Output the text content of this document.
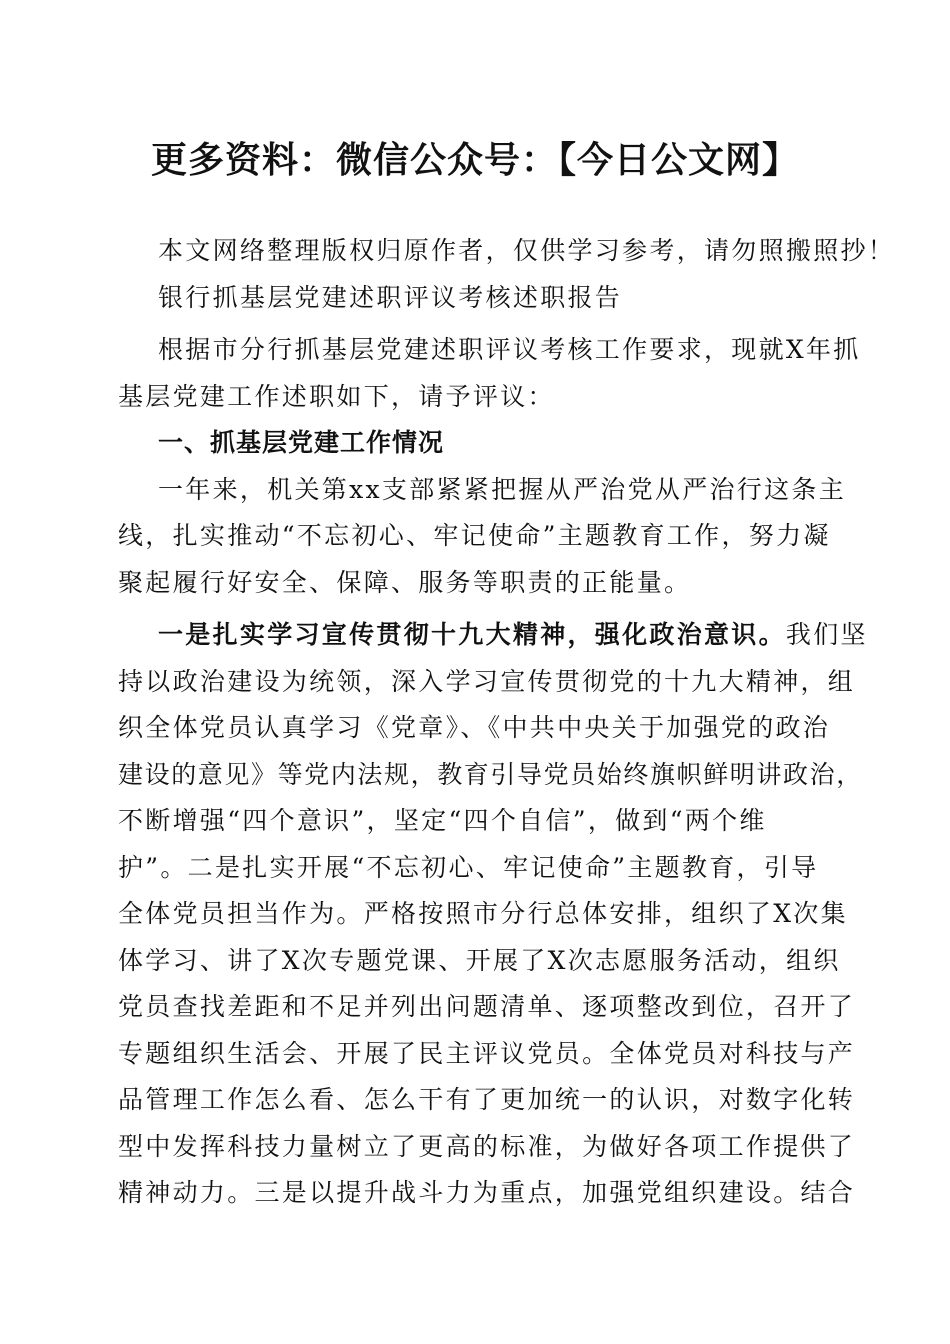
更多资料：微信公众号：【今日公文网】
本文网络整理版权归原作者，仅供学习参考，请勿照搬照抄！
银行抓基层党建述职评议考核述职报告
根据市分行抓基层党建述职评议考核工作要求，现就X年抓
基层党建工作述职如下，请予评议：
一、抓基层党建工作情况
一年来，机关第xx支部紧紧把握从严治党从严治行这条主
线，扎实推动“不忘初心、牢记使命”主题教育工作，努力凝
聚起履行好安全、保障、服务等职责的正能量。
一是扎实学习宣传贯彻十九大精神，强化政治意识。我们坚
持以政治建设为统领，深入学习宣传贯彻党的十九大精神，组
织全体党员认真学习《党章》、《中共中央关于加强党的政治
建设的意见》等党内法规，教育引导党员始终旗帜鲜明讲政治，
不断增强“四个意识”，坚定“四个自信”，做到“两个维
护”。二是扎实开展“不忘初心、牢记使命”主题教育，引导
全体党员担当作为。严格按照市分行总体安排，组织了X次集
体学习、讲了X次专题党课、开展了X次志愿服务活动，组织
党员查找差距和不足并列出问题清单、逐项整改到位，召开了
专题组织生活会、开展了民主评议党员。全体党员对科技与产
品管理工作怎么看、怎么干有了更加统一的认识，对数字化转
型中发挥科技力量树立了更高的标准，为做好各项工作提供了
精神动力。三是以提升战斗力为重点，加强党组织建设。结合
